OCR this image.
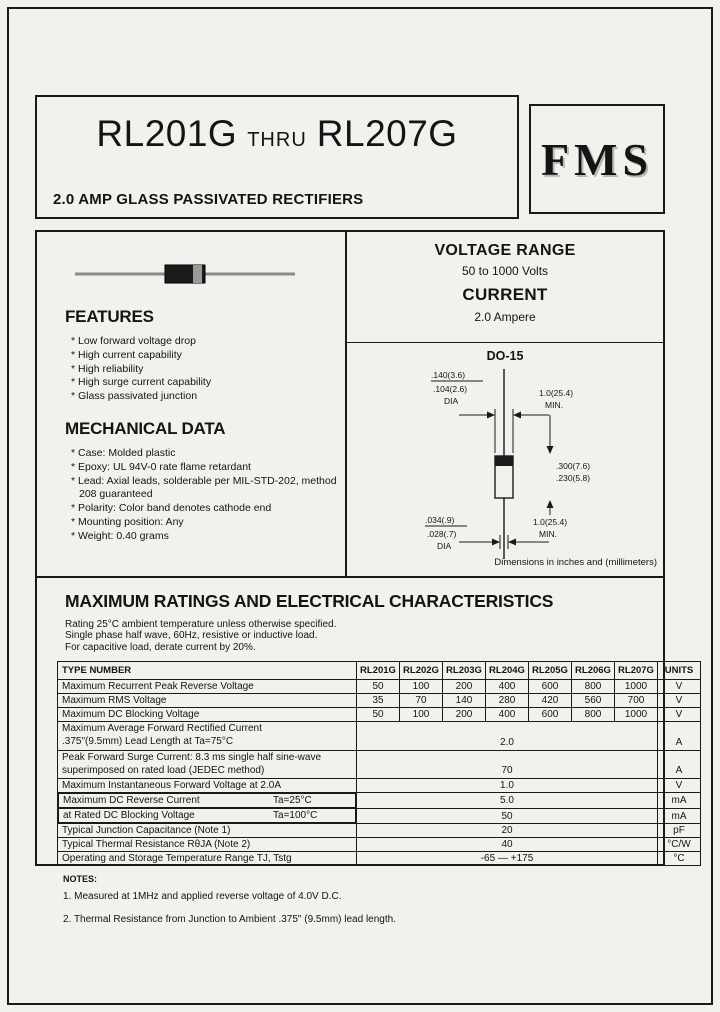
RL201G THRU RL207G
2.0 AMP GLASS PASSIVATED RECTIFIERS
FMS
FEATURES
* Low forward voltage drop
* High current capability
* High reliability
* High surge current capability
* Glass passivated junction
MECHANICAL DATA
* Case: Molded plastic
* Epoxy: UL 94V-0 rate flame retardant
* Lead: Axial leads, solderable per MIL-STD-202, method 208 guaranteed
* Polarity: Color band denotes cathode end
* Mounting position: Any
* Weight: 0.40 grams
VOLTAGE RANGE
50 to 1000 Volts
CURRENT
2.0 Ampere
DO-15
.140(3.6)
.104(2.6)
DIA
1.0(25.4)
MIN.
.300(7.6)
.230(5.8)
1.0(25.4)
MIN.
.034(.9)
.028(.7)
DIA
Dimensions in inches and (millimeters)
MAXIMUM RATINGS AND ELECTRICAL CHARACTERISTICS
Rating 25°C ambient temperature unless otherwise specified.
Single phase half wave, 60Hz, resistive or inductive load.
For capacitive load, derate current by 20%.
TYPE NUMBER	RL201G	RL202G	RL203G	RL204G	RL205G	RL206G	RL207G	UNITS
Maximum Recurrent Peak Reverse Voltage	50	100	200	400	600	800	1000	V
Maximum RMS Voltage	35	70	140	280	420	560	700	V
Maximum DC Blocking Voltage	50	100	200	400	600	800	1000	V

Maximum Average Forward Rectified Current
.375"(9.5mm) Lead Length at Ta=75°C	2.0							A

Peak Forward Surge Current: 8.3 ms single half sine-wave
superimposed on rated load (JEDEC method)	70							A
Maximum Instantaneous Forward Voltage at 2.0A	1.0							V

Maximum DC Reverse Current	Ta=25°C	5.0							mA

at Rated DC Blocking Voltage	Ta=100°C	50							mA
Typical Junction Capacitance (Note 1)	20							pF
Typical Thermal Resistance RθJA (Note 2)	40							°C/W
Operating and Storage Temperature Range TJ, Tstg	-65 — +175							°C
NOTES:
1. Measured at 1MHz and applied reverse voltage of 4.0V D.C.
2. Thermal Resistance from Junction to Ambient .375" (9.5mm) lead length.
